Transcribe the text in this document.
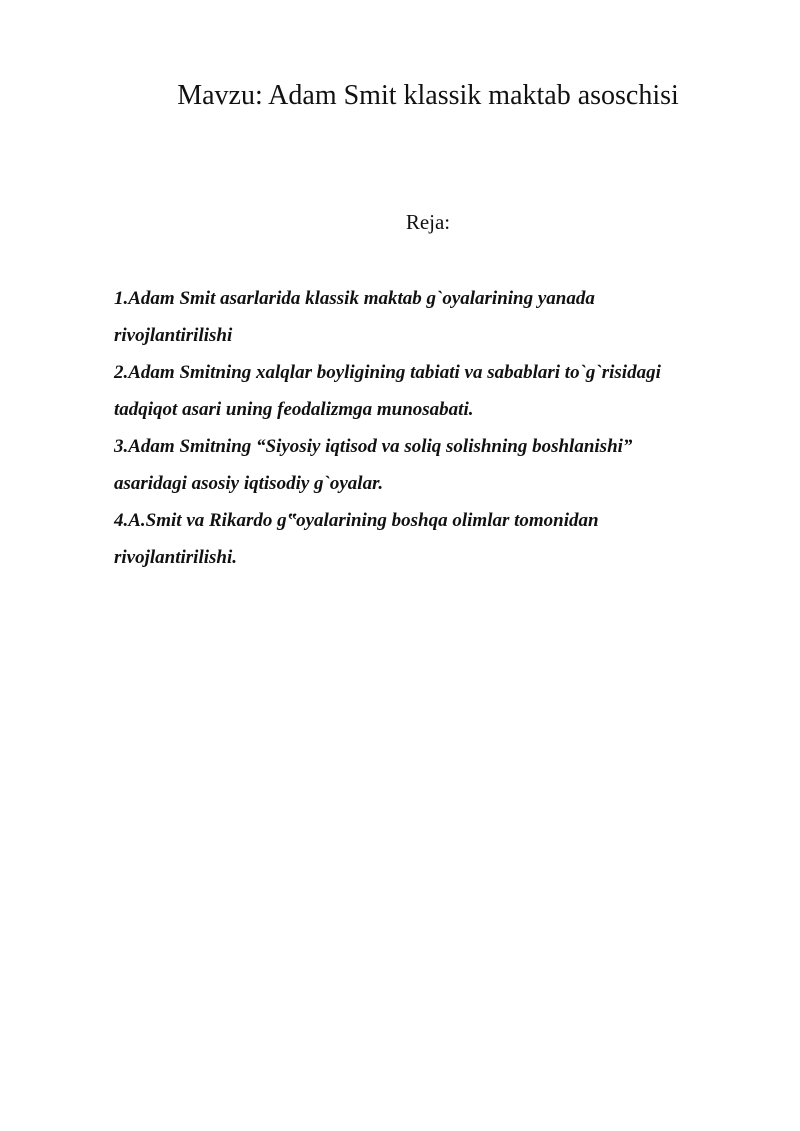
Mavzu: Adam Smit klassik maktab asoschisi
Reja:
1.Adam Smit asarlarida klassik maktab g`oyalarining yanada
rivojlantirilishi
2.Adam Smitning xalqlar boyligining tabiati va sabablari to`g`risidagi
tadqiqot asari uning feodalizmga munosabati.
3.Adam Smitning “Siyosiy iqtisod va soliq solishning boshlanishi”
asaridagi asosiy iqtisodiy g`oyalar.
4.A.Smit va Rikardo g‟oyalarining boshqa olimlar tomonidan
rivojlantirilishi.
